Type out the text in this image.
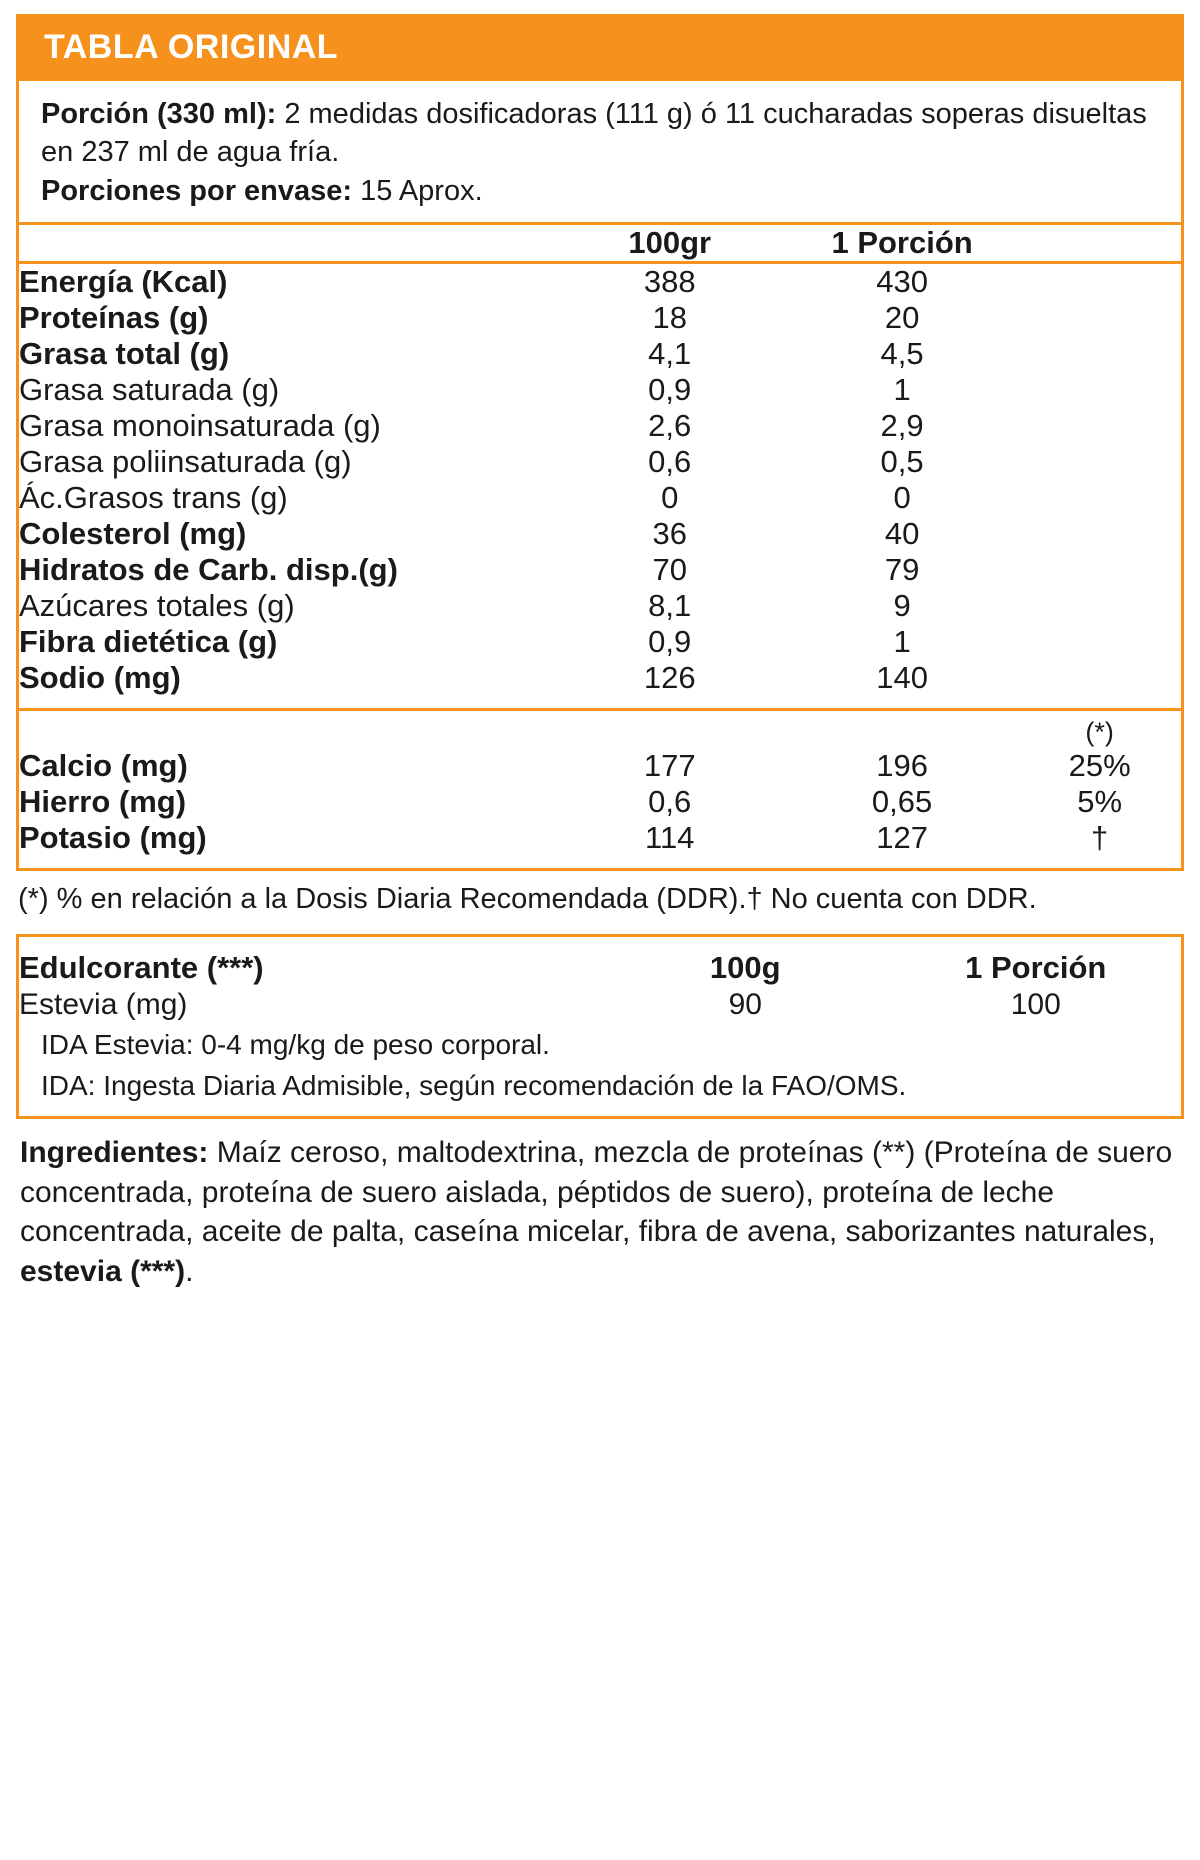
TABLA ORIGINAL
Porción (330 ml): 2 medidas dosificadoras (111 g) ó 11 cucharadas soperas disueltas en 237 ml de agua fría.
Porciones por envase: 15 Aprox.
	100gr	1 Porción	

Energía (Kcal)	388	430	
Proteínas (g)	18	20	
Grasa total (g)	4,1	4,5	
Grasa saturada (g)	0,9	1	
Grasa monoinsaturada (g)	2,6	2,9	
Grasa poliinsaturada (g)	0,6	0,5	
Ác.Grasos trans (g)	0	0	
Colesterol (mg)	36	40	
Hidratos de Carb. disp.(g)	70	79	
Azúcares totales (g)	8,1	9	
Fibra dietética (g)	0,9	1	
Sodio (mg)	126	140	

			(*)
Calcio (mg)	177	196	25%
Hierro (mg)	0,6	0,65	5%
Potasio (mg)	114	127	†
(*) % en relación a la Dosis Diaria Recomendada (DDR).† No cuenta con DDR.
Edulcorante (***)	100g	1 Porción
Estevia (mg)	90	100
IDA Estevia: 0-4 mg/kg de peso corporal.
IDA: Ingesta Diaria Admisible, según recomendación de la FAO/OMS.
Ingredientes: Maíz ceroso, maltodextrina, mezcla de proteínas (**) (Proteína de suero concentrada, proteína de suero aislada, péptidos de suero), proteína de leche concentrada, aceite de palta, caseína micelar, fibra de avena, saborizantes naturales, estevia (***).
